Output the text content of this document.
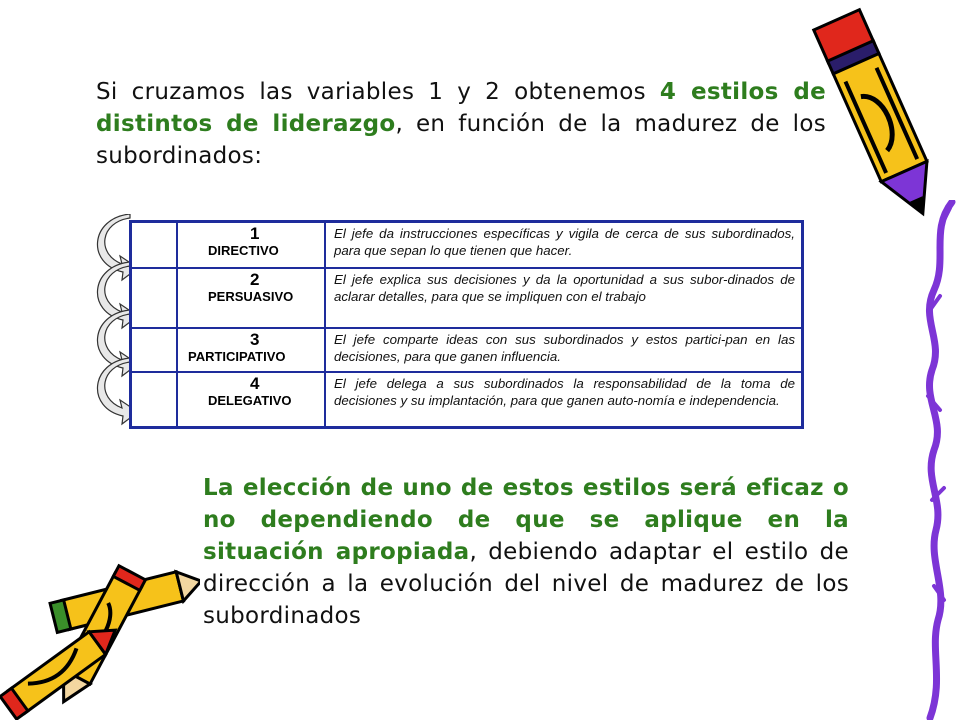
Si cruzamos las variables 1 y 2 obtenemos 4 estilos de distintos de liderazgo, en función de la madurez de los subordinados:
1
DIRECTIVO
El jefe da instrucciones específicas y vigila de cerca de sus subordinados, para que sepan lo que tienen que hacer.
2
PERSUASIVO
El jefe explica sus decisiones y da la oportunidad a sus subor-dinados de aclarar detalles, para que se impliquen con el trabajo
3
PARTICIPATIVO
El jefe comparte ideas con sus subordinados y estos partici-pan en las decisiones, para que ganen influencia.
4
DELEGATIVO
El jefe delega a sus subordinados la responsabilidad de la toma de decisiones y su implantación, para que ganen auto-nomía e independencia.
La elección de uno de estos estilos será eficaz o no dependiendo de que se aplique en la situación apropiada, debiendo adaptar el estilo de dirección a la evolución del nivel de madurez de los subordinados
